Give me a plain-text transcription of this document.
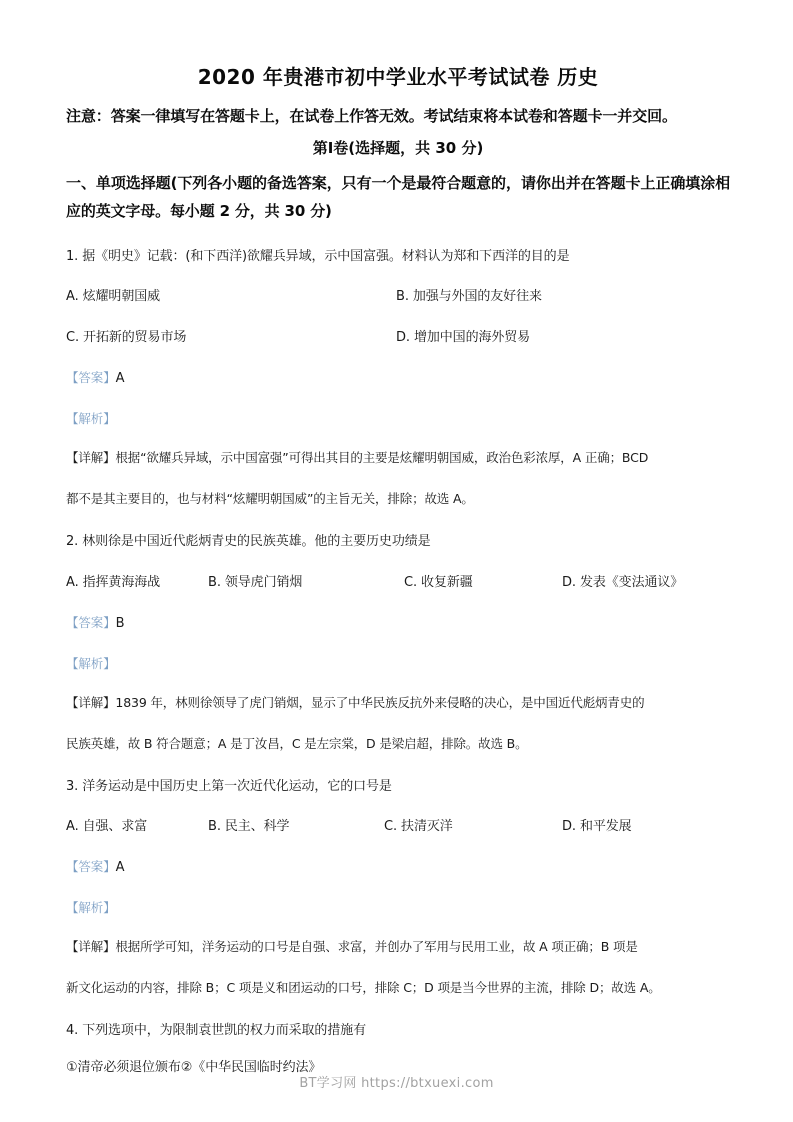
2020 年贵港市初中学业水平考试试卷 历史

注意：答案一律填写在答题卡上，在试卷上作答无效。考试结束将本试卷和答题卡一并交回。

第Ⅰ卷(选择题，共 30 分)

一、单项选择题(下列各小题的备选答案，只有一个是最符合题意的，请你出并在答题卡上正确填涂相应的英文字母。每小题 2 分，共 30 分)

1. 据《明史》记载：(和下西洋)欲耀兵异域，示中国富强。材料认为郑和下西洋的目的是
A. 炫耀明朝国威	B. 加强与外国的友好往来
C. 开拓新的贸易市场	D. 增加中国的海外贸易
【答案】A
【解析】
【详解】根据“欲耀兵异域，示中国富强”可得出其目的主要是炫耀明朝国威，政治色彩浓厚，A 正确；BCD
都不是其主要目的，也与材料“炫耀明朝国威”的主旨无关，排除；故选 A。
2. 林则徐是中国近代彪炳青史的民族英雄。他的主要历史功绩是
A. 指挥黄海海战	B. 领导虎门销烟	C. 收复新疆	D. 发表《变法通议》
【答案】B
【解析】
【详解】1839 年，林则徐领导了虎门销烟，显示了中华民族反抗外来侵略的决心，是中国近代彪炳青史的
民族英雄，故 B 符合题意；A 是丁汝昌，C 是左宗棠，D 是梁启超，排除。故选 B。
3. 洋务运动是中国历史上第一次近代化运动，它的口号是
A. 自强、求富	B. 民主、科学	C. 扶清灭洋	D. 和平发展
【答案】A
【解析】
【详解】根据所学可知，洋务运动的口号是自强、求富，并创办了军用与民用工业，故 A 项正确；B 项是
新文化运动的内容，排除 B；C 项是义和团运动的口号，排除 C；D 项是当今世界的主流，排除 D；故选 A。
4. 下列选项中，为限制袁世凯的权力而采取的措施有
①清帝必须退位颁布②《中华民国临时约法》
BT学习网 https://btxuexi.com
